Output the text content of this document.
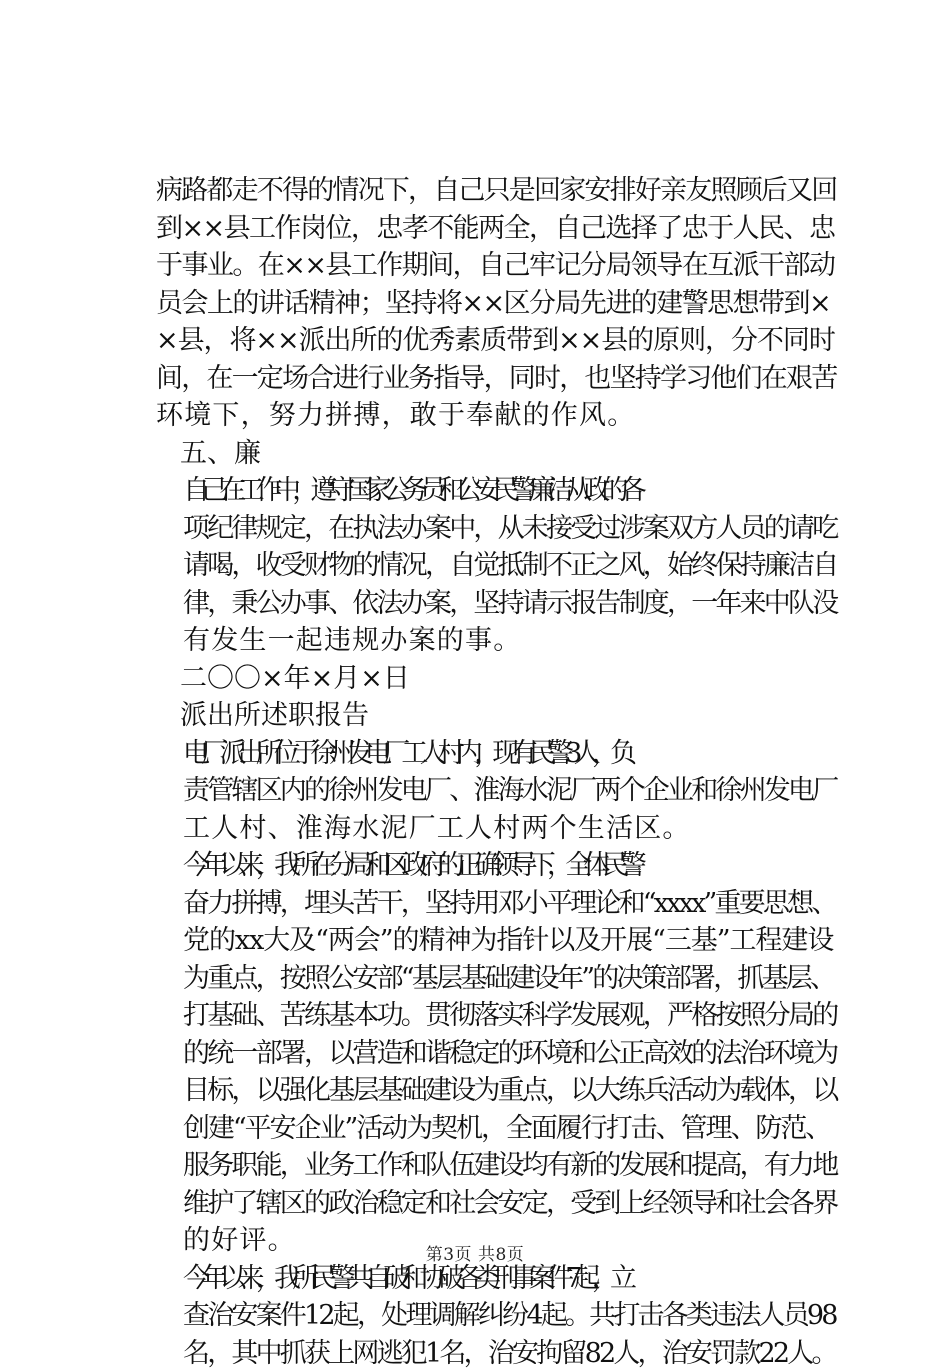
病路都走不得的情况下，自己只是回家安排好亲友照顾后又回
到××县工作岗位，忠孝不能两全，自己选择了忠于人民、忠
于事业。在××县工作期间，自己牢记分局领导在互派干部动
员会上的讲话精神；坚持将××区分局先进的建警思想带到×
×县，将××派出所的优秀素质带到××县的原则，分不同时
间，在一定场合进行业务指导，同时，也坚持学习他们在艰苦
环境下，努力拼搏，敢于奉献的作风。

五、廉

自己在工作中，遵守国家公务员和公安民警廉洁从政的各
项纪律规定，在执法办案中，从未接受过涉案双方人员的请吃
请喝，收受财物的情况，自觉抵制不正之风，始终保持廉洁自
律，秉公办事、依法办案，坚持请示报告制度，一年来中队没
有发生一起违规办案的事。

二〇〇×年×月×日

派出所述职报告

电厂派出所位于徐州发电厂工人村内，现有民警3人，负
责管辖区内的徐州发电厂、淮海水泥厂两个企业和徐州发电厂
工人村、淮海水泥厂工人村两个生活区。
今年以来，我所在分局和区政府的正确领导下，全体民警
奋力拼搏，埋头苦干，坚持用邓小平理论和“xxxx”重要思想、
党的xx大及“两会”的精神为指针以及开展“三基”工程建设
为重点，按照公安部“基层基础建设年”的决策部署，抓基层、
打基础、苦练基本功。贯彻落实科学发展观，严格按照分局的
的统一部署，以营造和谐稳定的环境和公正高效的法治环境为
目标，以强化基层基础建设为重点，以大练兵活动为载体，以
创建“平安企业”活动为契机，全面履行打击、管理、防范、
服务职能，业务工作和队伍建设均有新的发展和提高，有力地
维护了辖区的政治稳定和社会安定，受到上经领导和社会各界
的好评。
今年以来，我所民警共自破和协破各类刑事案件7起，立
查治安案件12起，处理调解纠纷4起。共打击各类违法人员98
名，其中抓获上网逃犯1名，治安拘留82人，治安罚款22人。
第3页 共8页
